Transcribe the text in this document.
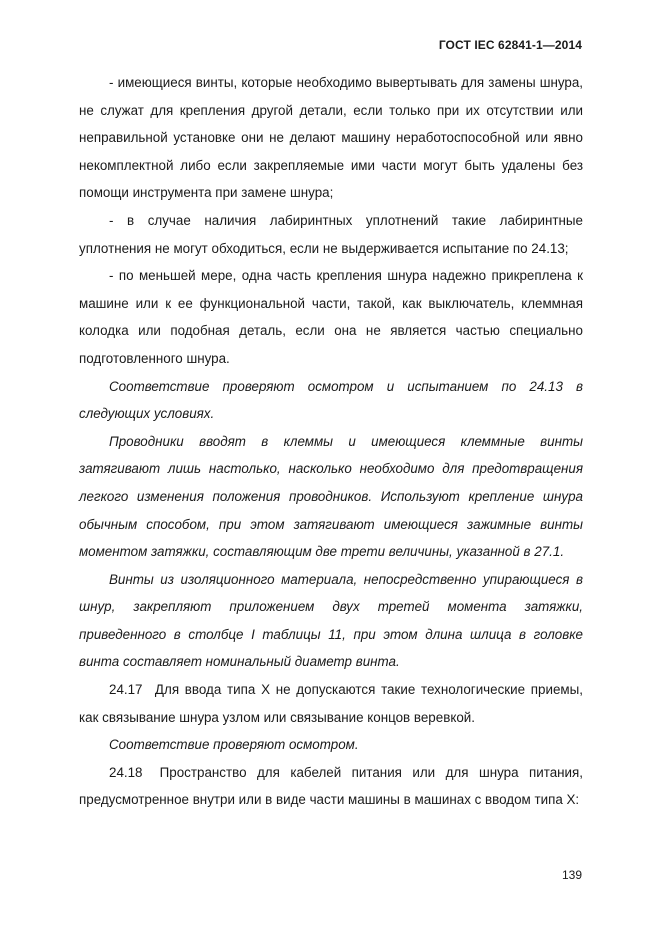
ГОСТ IEC 62841-1—2014

- имеющиеся винты, которые необходимо вывертывать для замены шнура, не служат для крепления другой детали, если только при их отсутствии или неправильной установке они не делают машину неработоспособной или явно некомплектной либо если закрепляемые ими части могут быть удалены без помощи инструмента при замене шнура;

- в случае наличия лабиринтных уплотнений такие лабиринтные уплотнения не могут обходиться, если не выдерживается испытание по 24.13;

- по меньшей мере, одна часть крепления шнура надежно прикреплена к машине или к ее функциональной части, такой, как выключатель, клеммная колодка или подобная деталь, если она не является частью специально подготовленного шнура.

Соответствие проверяют осмотром и испытанием по 24.13 в следующих условиях.

Проводники вводят в клеммы и имеющиеся клеммные винты затягивают лишь настолько, насколько необходимо для предотвращения легкого изменения положения проводников. Используют крепление шнура обычным способом, при этом затягивают имеющиеся зажимные винты моментом затяжки, составляющим две трети величины, указанной в 27.1.

Винты из изоляционного материала, непосредственно упирающиеся в шнур, закрепляют приложением двух третей момента затяжки, приведенного в столбце I таблицы 11, при этом длина шлица в головке винта составляет номинальный диаметр винта.

24.17  Для ввода типа X не допускаются такие технологические приемы, как связывание шнура узлом или связывание концов веревкой.

Соответствие проверяют осмотром.

24.18  Пространство для кабелей питания или для шнура питания, предусмотренное внутри или в виде части машины в машинах с вводом типа X:

139
